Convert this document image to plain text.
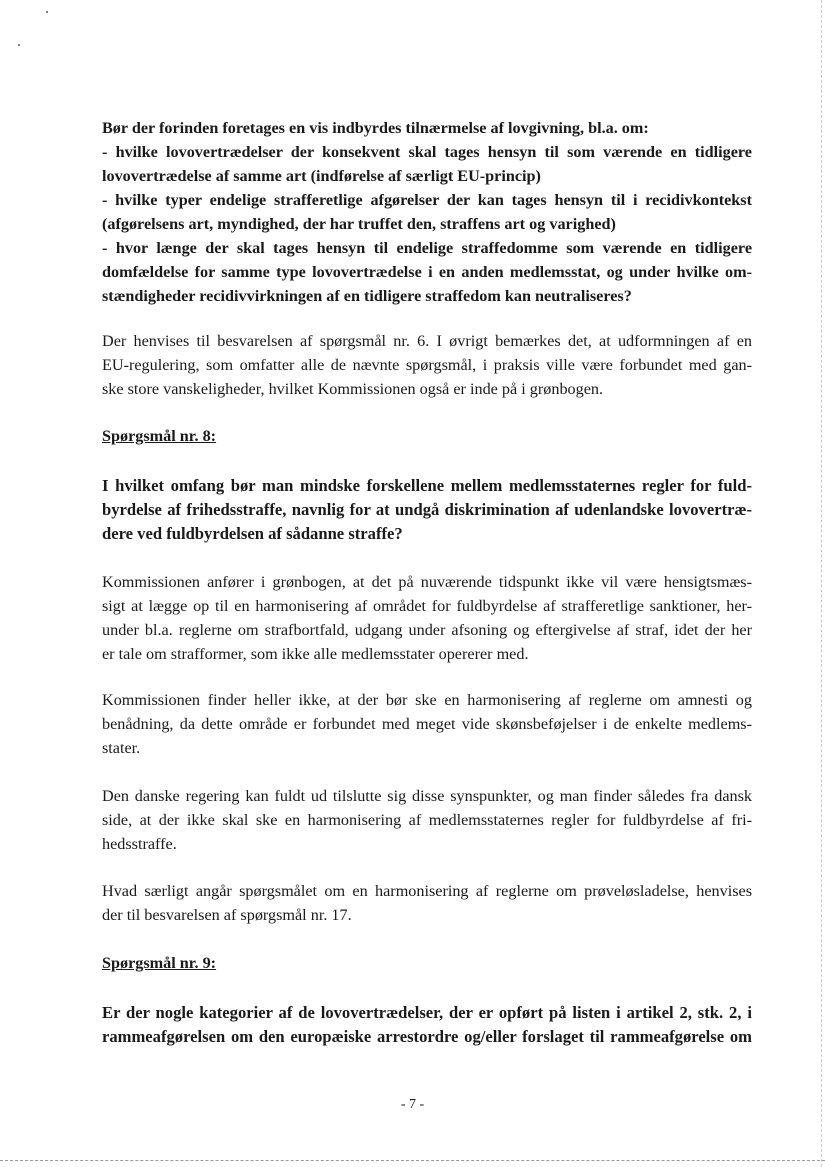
Bør der forinden foretages en vis indbyrdes tilnærmelse af lovgivning, bl.a. om:
- hvilke lovovertrædelser der konsekvent skal tages hensyn til som værende en tidligere
lovovertrædelse af samme art (indførelse af særligt EU-princip)
- hvilke typer endelige strafferetlige afgørelser der kan tages hensyn til i recidivkontekst
(afgørelsens art, myndighed, der har truffet den, straffens art og varighed)
- hvor længe der skal tages hensyn til endelige straffedomme som værende en tidligere
domfældelse for samme type lovovertrædelse i en anden medlemsstat, og under hvilke om-
stændigheder recidivvirkningen af en tidligere straffedom kan neutraliseres?
Der henvises til besvarelsen af spørgsmål nr. 6. I øvrigt bemærkes det, at udformningen af en
EU-regulering, som omfatter alle de nævnte spørgsmål, i praksis ville være forbundet med gan-
ske store vanskeligheder, hvilket Kommissionen også er inde på i grønbogen.
Spørgsmål nr. 8:
I hvilket omfang bør man mindske forskellene mellem medlemsstaternes regler for fuld-
byrdelse af frihedsstraffe, navnlig for at undgå diskrimination af udenlandske lovovertræ-
dere ved fuldbyrdelsen af sådanne straffe?
Kommissionen anfører i grønbogen, at det på nuværende tidspunkt ikke vil være hensigtsmæs-
sigt at lægge op til en harmonisering af området for fuldbyrdelse af strafferetlige sanktioner, her-
under bl.a. reglerne om strafbortfald, udgang under afsoning og eftergivelse af straf, idet der her
er tale om strafformer, som ikke alle medlemsstater opererer med.
Kommissionen finder heller ikke, at der bør ske en harmonisering af reglerne om amnesti og
benådning, da dette område er forbundet med meget vide skønsbeføjelser i de enkelte medlems-
stater.
Den danske regering kan fuldt ud tilslutte sig disse synspunkter, og man finder således fra dansk
side, at der ikke skal ske en harmonisering af medlemsstaternes regler for fuldbyrdelse af fri-
hedsstraffe.
Hvad særligt angår spørgsmålet om en harmonisering af reglerne om prøveløsladelse, henvises
der til besvarelsen af spørgsmål nr. 17.
Spørgsmål nr. 9:
Er der nogle kategorier af de lovovertrædelser, der er opført på listen i artikel 2, stk. 2, i
rammeafgørelsen om den europæiske arrestordre og/eller forslaget til rammeafgørelse om
- 7 -
